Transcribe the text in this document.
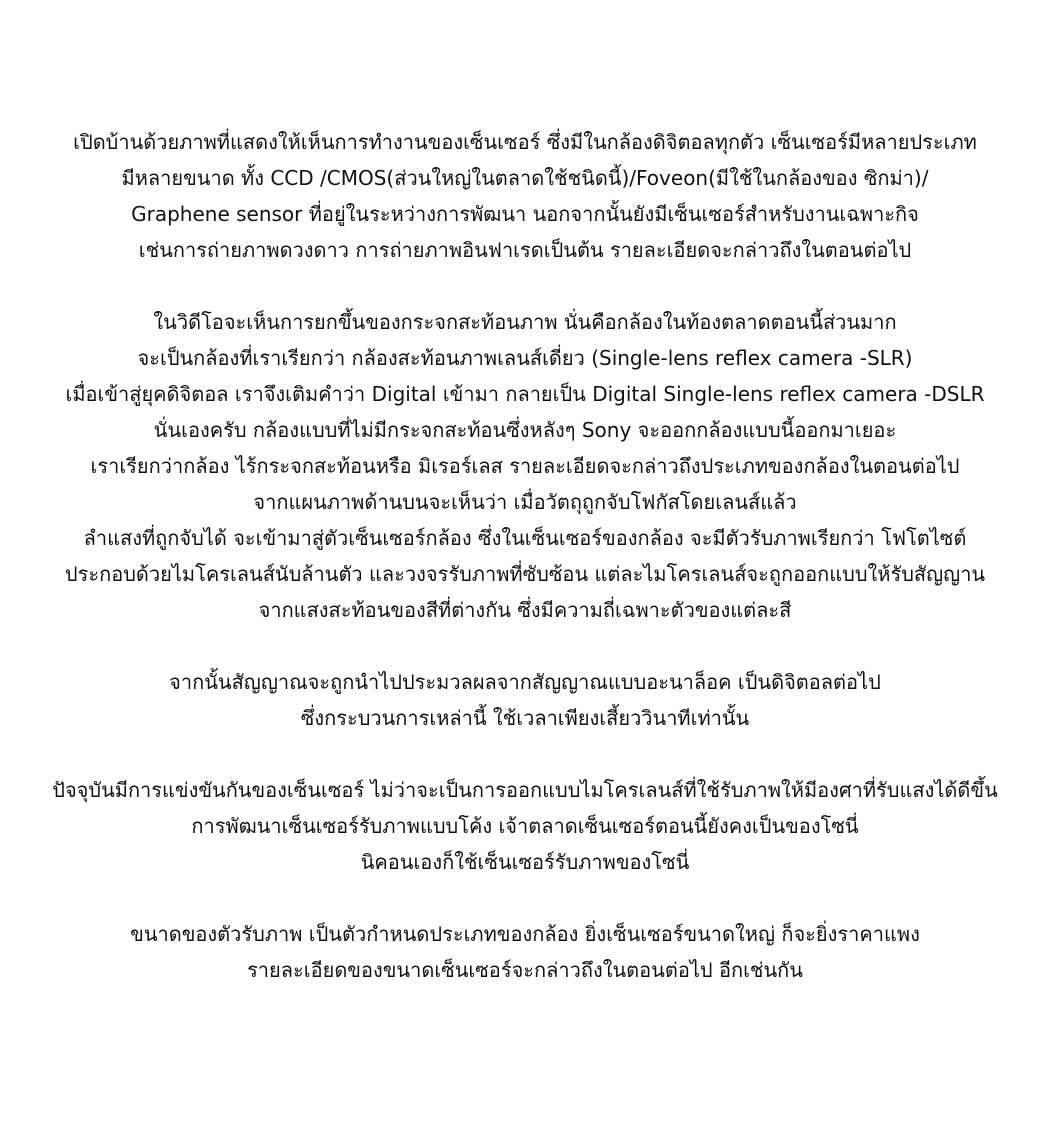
เปิดบ้านด้วยภาพที่แสดงให้เห็นการทำงานของเซ็นเซอร์ ซึ่งมีในกล้องดิจิตอลทุกตัว เซ็นเซอร์มีหลายประเภท
มีหลายขนาด ทั้ง CCD /CMOS(ส่วนใหญ่ในตลาดใช้ชนิดนี้)/Foveon(มีใช้ในกล้องของ ซิกม่า)/
Graphene sensor ที่อยู่ในระหว่างการพัฒนา นอกจากนั้นยังมีเซ็นเซอร์สำหรับงานเฉพาะกิจ
เช่นการถ่ายภาพดวงดาว การถ่ายภาพอินฟาเรดเป็นต้น รายละเอียดจะกล่าวถึงในตอนต่อไป
ในวิดีโอจะเห็นการยกขึ้นของกระจกสะท้อนภาพ นั่นคือกล้องในท้องตลาดตอนนี้ส่วนมาก
จะเป็นกล้องที่เราเรียกว่า กล้องสะท้อนภาพเลนส์เดี่ยว (Single-lens reflex camera -SLR)
เมื่อเข้าสู่ยุคดิจิตอล เราจึงเติมคำว่า Digital เข้ามา กลายเป็น Digital Single-lens reflex camera -DSLR
นั่นเองครับ กล้องแบบที่ไม่มีกระจกสะท้อนซึ่งหลังๆ Sony จะออกกล้องแบบนี้ออกมาเยอะ
เราเรียกว่ากล้อง ไร้กระจกสะท้อนหรือ มิเรอร์เลส รายละเอียดจะกล่าวถึงประเภทของกล้องในตอนต่อไป
จากแผนภาพด้านบนจะเห็นว่า เมื่อวัตถุถูกจับโฟกัสโดยเลนส์แล้ว
ลำแสงที่ถูกจับได้ จะเข้ามาสู่ตัวเซ็นเซอร์กล้อง ซึ่งในเซ็นเซอร์ของกล้อง จะมีตัวรับภาพเรียกว่า โฟโตไซต์
ประกอบด้วยไมโครเลนส์นับล้านตัว และวงจรรับภาพที่ซับซ้อน แต่ละไมโครเลนส์จะถูกออกแบบให้รับสัญญาน
จากแสงสะท้อนของสีที่ต่างกัน ซึ่งมีความถี่เฉพาะตัวของแต่ละสี
จากนั้นสัญญาณจะถูกนำไปประมวลผลจากสัญญาณแบบอะนาล็อค เป็นดิจิตอลต่อไป
ซึ่งกระบวนการเหล่านี้ ใช้เวลาเพียงเสี้ยววินาทีเท่านั้น
ปัจจุบันมีการแข่งขันกันของเซ็นเซอร์ ไม่ว่าจะเป็นการออกแบบไมโครเลนส์ที่ใช้รับภาพให้มีองศาที่รับแสงได้ดีขึ้น
การพัฒนาเซ็นเซอร์รับภาพแบบโค้ง เจ้าตลาดเซ็นเซอร์ตอนนี้ยังคงเป็นของโซนี่
นิคอนเองก็ใช้เซ็นเซอร์รับภาพของโซนี่
ขนาดของตัวรับภาพ เป็นตัวกำหนดประเภทของกล้อง ยิ่งเซ็นเซอร์ขนาดใหญ่ ก็จะยิ่งราคาแพง
รายละเอียดของขนาดเซ็นเซอร์จะกล่าวถึงในตอนต่อไป อีกเช่นกัน
